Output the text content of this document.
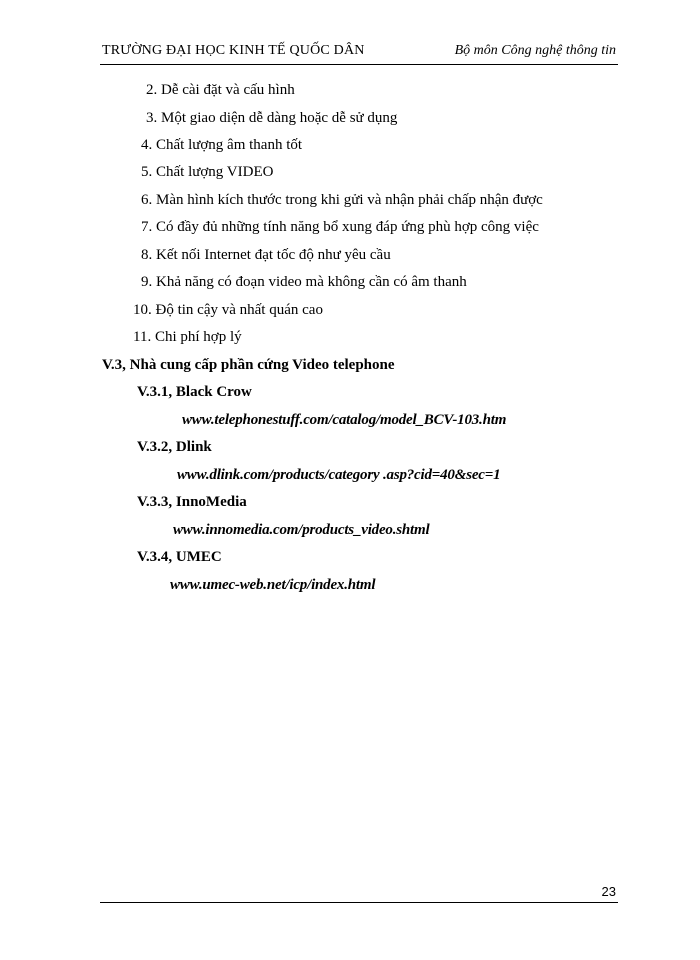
TRƯỜNG ĐẠI HỌC KINH TẾ QUỐC DÂN	Bộ môn Công nghệ thông tin
2. Dễ cài đặt và cấu hình
3. Một giao diện dễ dàng hoặc dễ sử dụng
4. Chất lượng âm thanh tốt
5. Chất lượng VIDEO
6. Màn hình kích thước trong khi gửi và nhận phải chấp nhận được
7. Có đầy đủ những tính năng bổ xung đáp ứng phù hợp công việc
8. Kết nối Internet đạt tốc độ như yêu cầu
9. Khả năng có đoạn video mà không cần có âm thanh
10. Độ tin cậy và nhất quán cao
11. Chi phí hợp lý
V.3, Nhà cung cấp phần cứng Video telephone
V.3.1, Black Crow
www.telephonestuff.com/catalog/model_BCV-103.htm
V.3.2, Dlink
www.dlink.com/products/category .asp?cid=40&sec=1
V.3.3, InnoMedia
www.innomedia.com/products_video.shtml
V.3.4, UMEC
www.umec-web.net/icp/index.html
23
